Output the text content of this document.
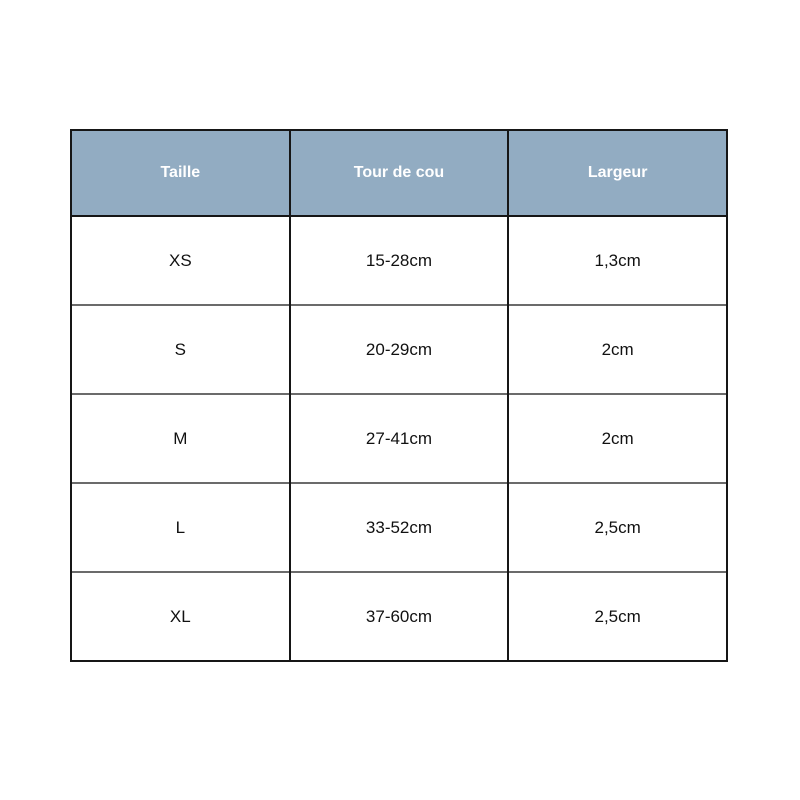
Taille	Tour de cou	Largeur
XS	15-28cm	1,3cm
S	20-29cm	2cm
M	27-41cm	2cm
L	33-52cm	2,5cm
XL	37-60cm	2,5cm
